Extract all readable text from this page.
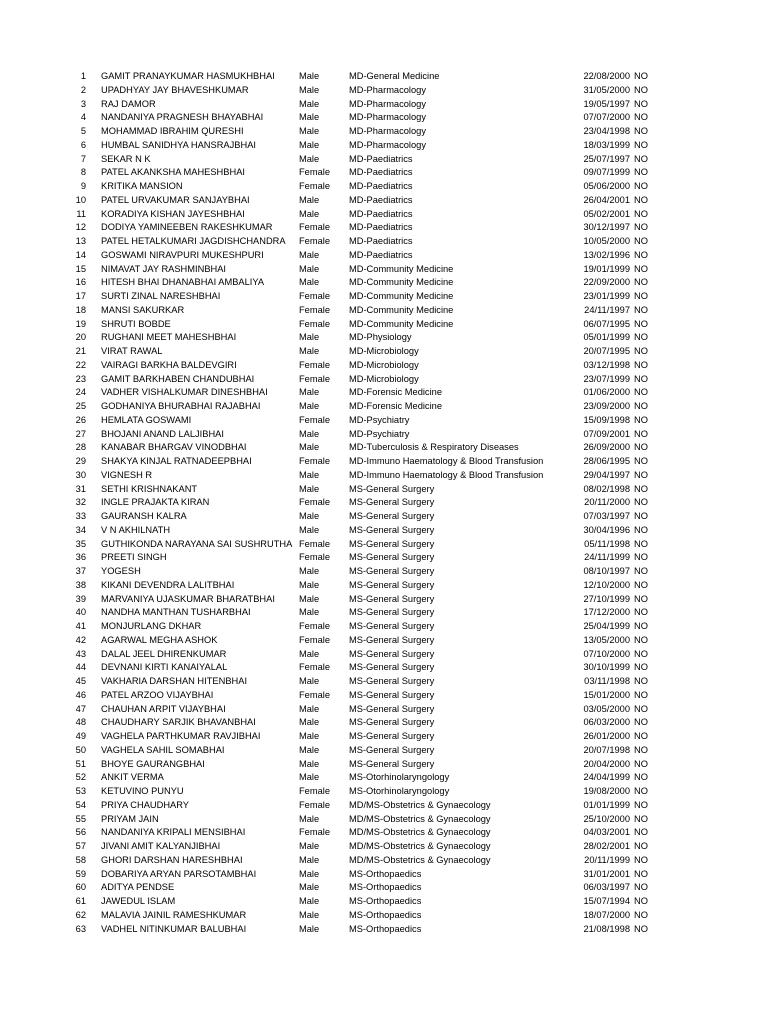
1 GAMIT PRANAYKUMAR HASMUKHBHAI	Male	MD-General Medicine	22/08/2000 NO
2 UPADHYAY JAY BHAVESHKUMAR	Male	MD-Pharmacology	31/05/2000 NO
3 RAJ DAMOR	Male	MD-Pharmacology	19/05/1997 NO
4 NANDANIYA PRAGNESH BHAYABHAI	Male	MD-Pharmacology	07/07/2000 NO
5 MOHAMMAD IBRAHIM QURESHI	Male	MD-Pharmacology	23/04/1998 NO
6 HUMBAL SANIDHYA HANSRAJBHAI	Male	MD-Pharmacology	18/03/1999 NO
7 SEKAR N K	Male	MD-Paediatrics	25/07/1997 NO
8 PATEL AKANKSHA MAHESHBHAI	Female MD-Paediatrics	09/07/1999 NO
9 KRITIKA MANSION	Female MD-Paediatrics	05/06/2000 NO
10 PATEL URVAKUMAR SANJAYBHAI	Male	MD-Paediatrics	26/04/2001 NO
11 KORADIYA KISHAN JAYESHBHAI	Male	MD-Paediatrics	05/02/2001 NO
12 DODIYA YAMINEEBEN RAKESHKUMAR	Female MD-Paediatrics	30/12/1997 NO
13 PATEL HETALKUMARI JAGDISHCHANDRA Female MD-Paediatrics	10/05/2000 NO
14 GOSWAMI NIRAVPURI MUKESHPURI	Male	MD-Paediatrics	13/02/1996 NO
15 NIMAVAT JAY RASHMINBHAI	Male	MD-Community Medicine	19/01/1999 NO
16 HITESH BHAI DHANABHAI AMBALIYA	Male	MD-Community Medicine	22/09/2000 NO
17 SURTI ZINAL NARESHBHAI	Female MD-Community Medicine	23/01/1999 NO
18 MANSI SAKURKAR	Female MD-Community Medicine	24/11/1997 NO
19 SHRUTI BOBDE	Female MD-Community Medicine	06/07/1995 NO
20 RUGHANI MEET MAHESHBHAI	Male	MD-Physiology	05/01/1999 NO
21 VIRAT RAWAL	Male	MD-Microbiology	20/07/1995 NO
22 VAIRAGI BARKHA BALDEVGIRI	Female MD-Microbiology	03/12/1998 NO
23 GAMIT BARKHABEN CHANDUBHAI	Female MD-Microbiology	23/07/1999 NO
24 VADHER VISHALKUMAR DINESHBHAI	Male	MD-Forensic Medicine	01/06/2000 NO
25 GODHANIYA BHURABHAI RAJABHAI	Male	MD-Forensic Medicine	23/09/2000 NO
26 HEMLATA GOSWAMI	Female MD-Psychiatry	15/09/1998 NO
27 BHOJANI ANAND LALJIBHAI	Male	MD-Psychiatry	07/09/2001 NO
28 KANABAR BHARGAV VINODBHAI	Male	MD-Tuberculosis & Respiratory Diseases	26/09/2000 NO
29 SHAKYA KINJAL RATNADEEPBHAI	Female MD-Immuno Haematology & Blood Transfusion	28/06/1995 NO
30 VIGNESH R	Male	MD-Immuno Haematology & Blood Transfusion	29/04/1997 NO
31 SETHI KRISHNAKANT	Male	MS-General Surgery	08/02/1998 NO
32 INGLE PRAJAKTA KIRAN	Female MS-General Surgery	20/11/2000 NO
33 GAURANSH KALRA	Male	MS-General Surgery	07/03/1997 NO
34 V N AKHILNATH	Male	MS-General Surgery	30/04/1996 NO
35 GUTHIKONDA NARAYANA SAI SUSHRUTHA Female MS-General Surgery	05/11/1998 NO
36 PREETI SINGH	Female MS-General Surgery	24/11/1999 NO
37 YOGESH	Male	MS-General Surgery	08/10/1997 NO
38 KIKANI DEVENDRA LALITBHAI	Male	MS-General Surgery	12/10/2000 NO
39 MARVANIYA UJASKUMAR BHARATBHAI	Male	MS-General Surgery	27/10/1999 NO
40 NANDHA MANTHAN TUSHARBHAI	Male	MS-General Surgery	17/12/2000 NO
41 MONJURLANG DKHAR	Female MS-General Surgery	25/04/1999 NO
42 AGARWAL MEGHA ASHOK	Female MS-General Surgery	13/05/2000 NO
43 DALAL JEEL DHIRENKUMAR	Male	MS-General Surgery	07/10/2000 NO
44 DEVNANI KIRTI KANAIYALAL	Female MS-General Surgery	30/10/1999 NO
45 VAKHARIA DARSHAN HITENBHAI	Male	MS-General Surgery	03/11/1998 NO
46 PATEL ARZOO VIJAYBHAI	Female MS-General Surgery	15/01/2000 NO
47 CHAUHAN ARPIT VIJAYBHAI	Male	MS-General Surgery	03/05/2000 NO
48 CHAUDHARY SARJIK BHAVANBHAI	Male	MS-General Surgery	06/03/2000 NO
49 VAGHELA PARTHKUMAR RAVJIBHAI	Male	MS-General Surgery	26/01/2000 NO
50 VAGHELA SAHIL SOMABHAI	Male	MS-General Surgery	20/07/1998 NO
51 BHOYE GAURANGBHAI	Male	MS-General Surgery	20/04/2000 NO
52 ANKIT VERMA	Male	MS-Otorhinolaryngology	24/04/1999 NO
53 KETUVINO PUNYU	Female MS-Otorhinolaryngology	19/08/2000 NO
54 PRIYA CHAUDHARY	Female MD/MS-Obstetrics & Gynaecology	01/01/1999 NO
55 PRIYAM JAIN	Male	MD/MS-Obstetrics & Gynaecology	25/10/2000 NO
56 NANDANIYA KRIPALI MENSIBHAI	Female MD/MS-Obstetrics & Gynaecology	04/03/2001 NO
57 JIVANI AMIT KALYANJIBHAI	Male	MD/MS-Obstetrics & Gynaecology	28/02/2001 NO
58 GHORI DARSHAN HARESHBHAI	Male	MD/MS-Obstetrics & Gynaecology	20/11/1999 NO
59 DOBARIYA ARYAN PARSOTAMBHAI	Male	MS-Orthopaedics	31/01/2001 NO
60 ADITYA PENDSE	Male	MS-Orthopaedics	06/03/1997 NO
61 JAWEDUL ISLAM	Male	MS-Orthopaedics	15/07/1994 NO
62 MALAVIA JAINIL RAMESHKUMAR	Male	MS-Orthopaedics	18/07/2000 NO
63 VADHEL NITINKUMAR BALUBHAI	Male	MS-Orthopaedics	21/08/1998 NO
